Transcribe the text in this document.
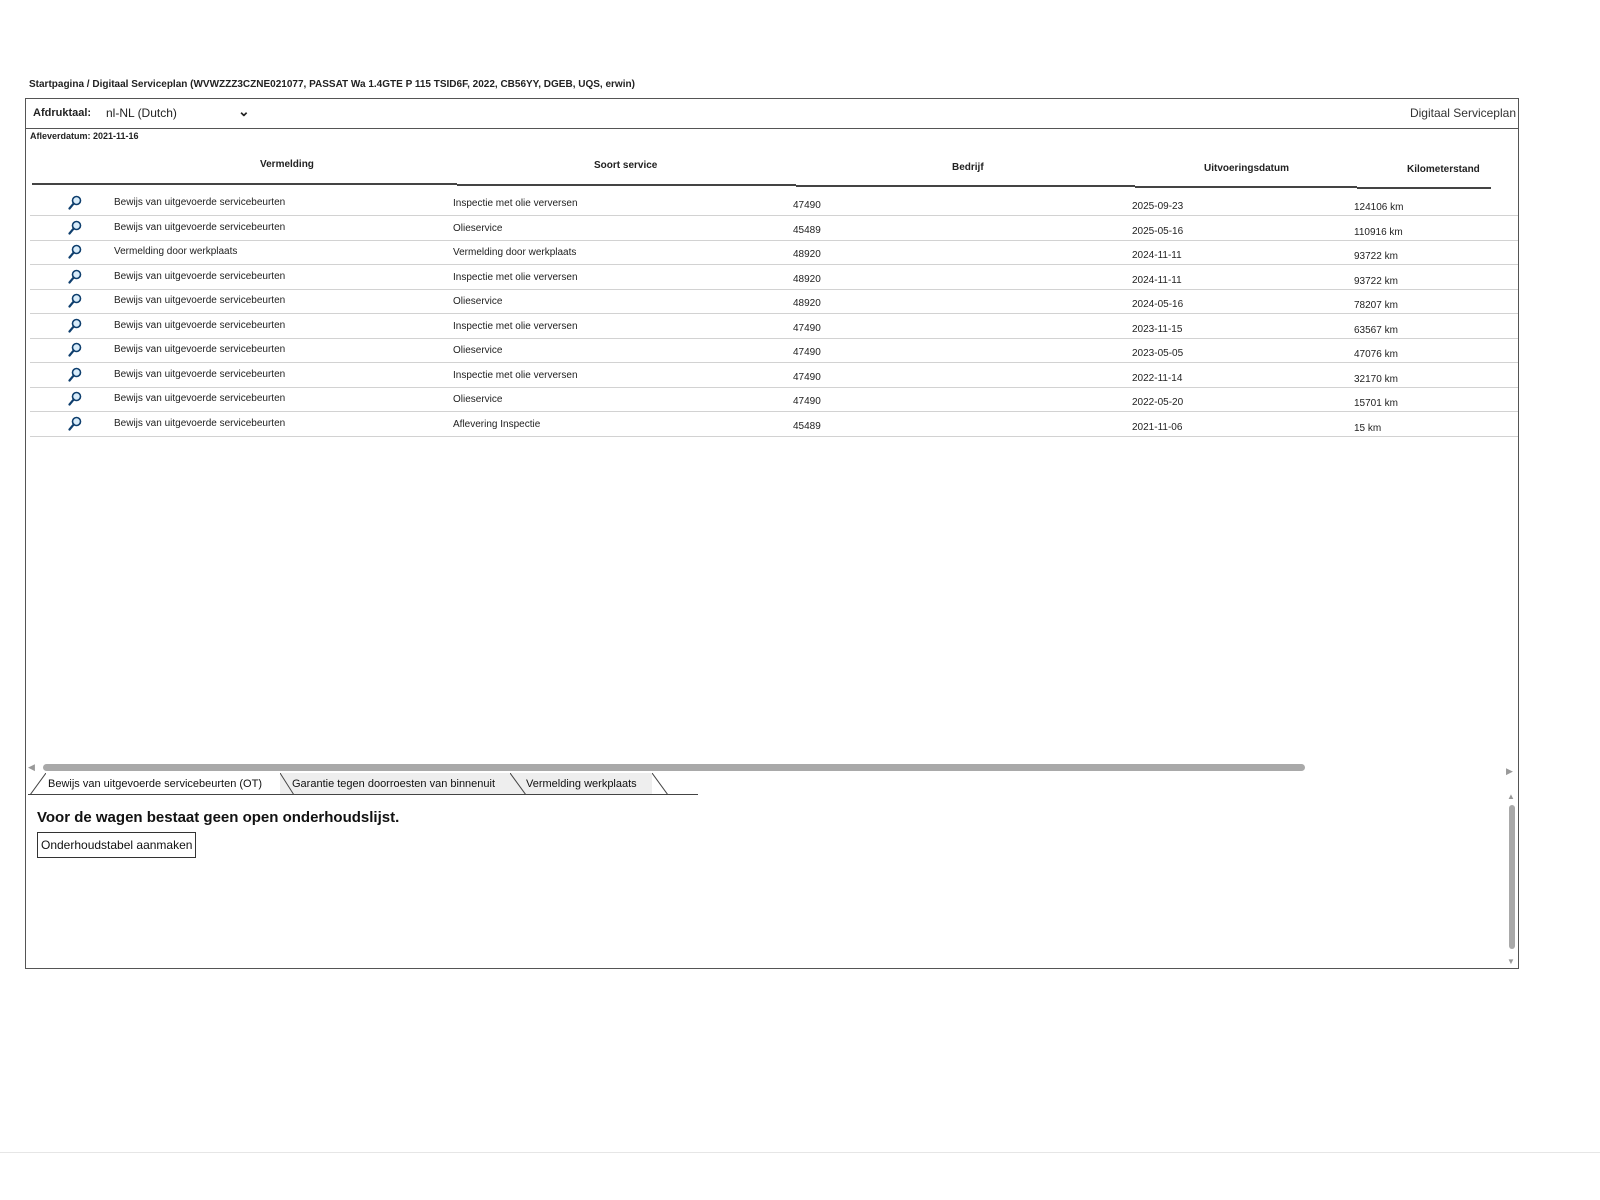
Startpagina / Digitaal Serviceplan (WVWZZZ3CZNE021077, PASSAT Wa 1.4GTE P 115 TSID6F, 2022, CB56YY, DGEB, UQS, erwin)
Afdruktaal: nl-NL (Dutch)	⌄	Digitaal Serviceplan
Afleverdatum: 2021-11-16
Vermelding	Soort service	Bedrijf	Uitvoeringsdatum	Kilometerstand
Bewijs van uitgevoerde servicebeurten	Inspectie met olie verversen	47490	2025-09-23	124106 km
Bewijs van uitgevoerde servicebeurten	Olieservice	45489	2025-05-16	110916 km
Vermelding door werkplaats	Vermelding door werkplaats	48920	2024-11-11	93722 km
Bewijs van uitgevoerde servicebeurten	Inspectie met olie verversen	48920	2024-11-11	93722 km
Bewijs van uitgevoerde servicebeurten	Olieservice	48920	2024-05-16	78207 km
Bewijs van uitgevoerde servicebeurten	Inspectie met olie verversen	47490	2023-11-15	63567 km
Bewijs van uitgevoerde servicebeurten	Olieservice	47490	2023-05-05	47076 km
Bewijs van uitgevoerde servicebeurten	Inspectie met olie verversen	47490	2022-11-14	32170 km
Bewijs van uitgevoerde servicebeurten	Olieservice	47490	2022-05-20	15701 km
Bewijs van uitgevoerde servicebeurten	Aflevering Inspectie	45489	2021-11-06	15 km
◀	▶
Bewijs van uitgevoerde servicebeurten (OT)	Garantie tegen doorroesten van binnenuit	Vermelding werkplaats
Voor de wagen bestaat geen open onderhoudslijst.
Onderhoudstabel aanmaken
▲
▼
